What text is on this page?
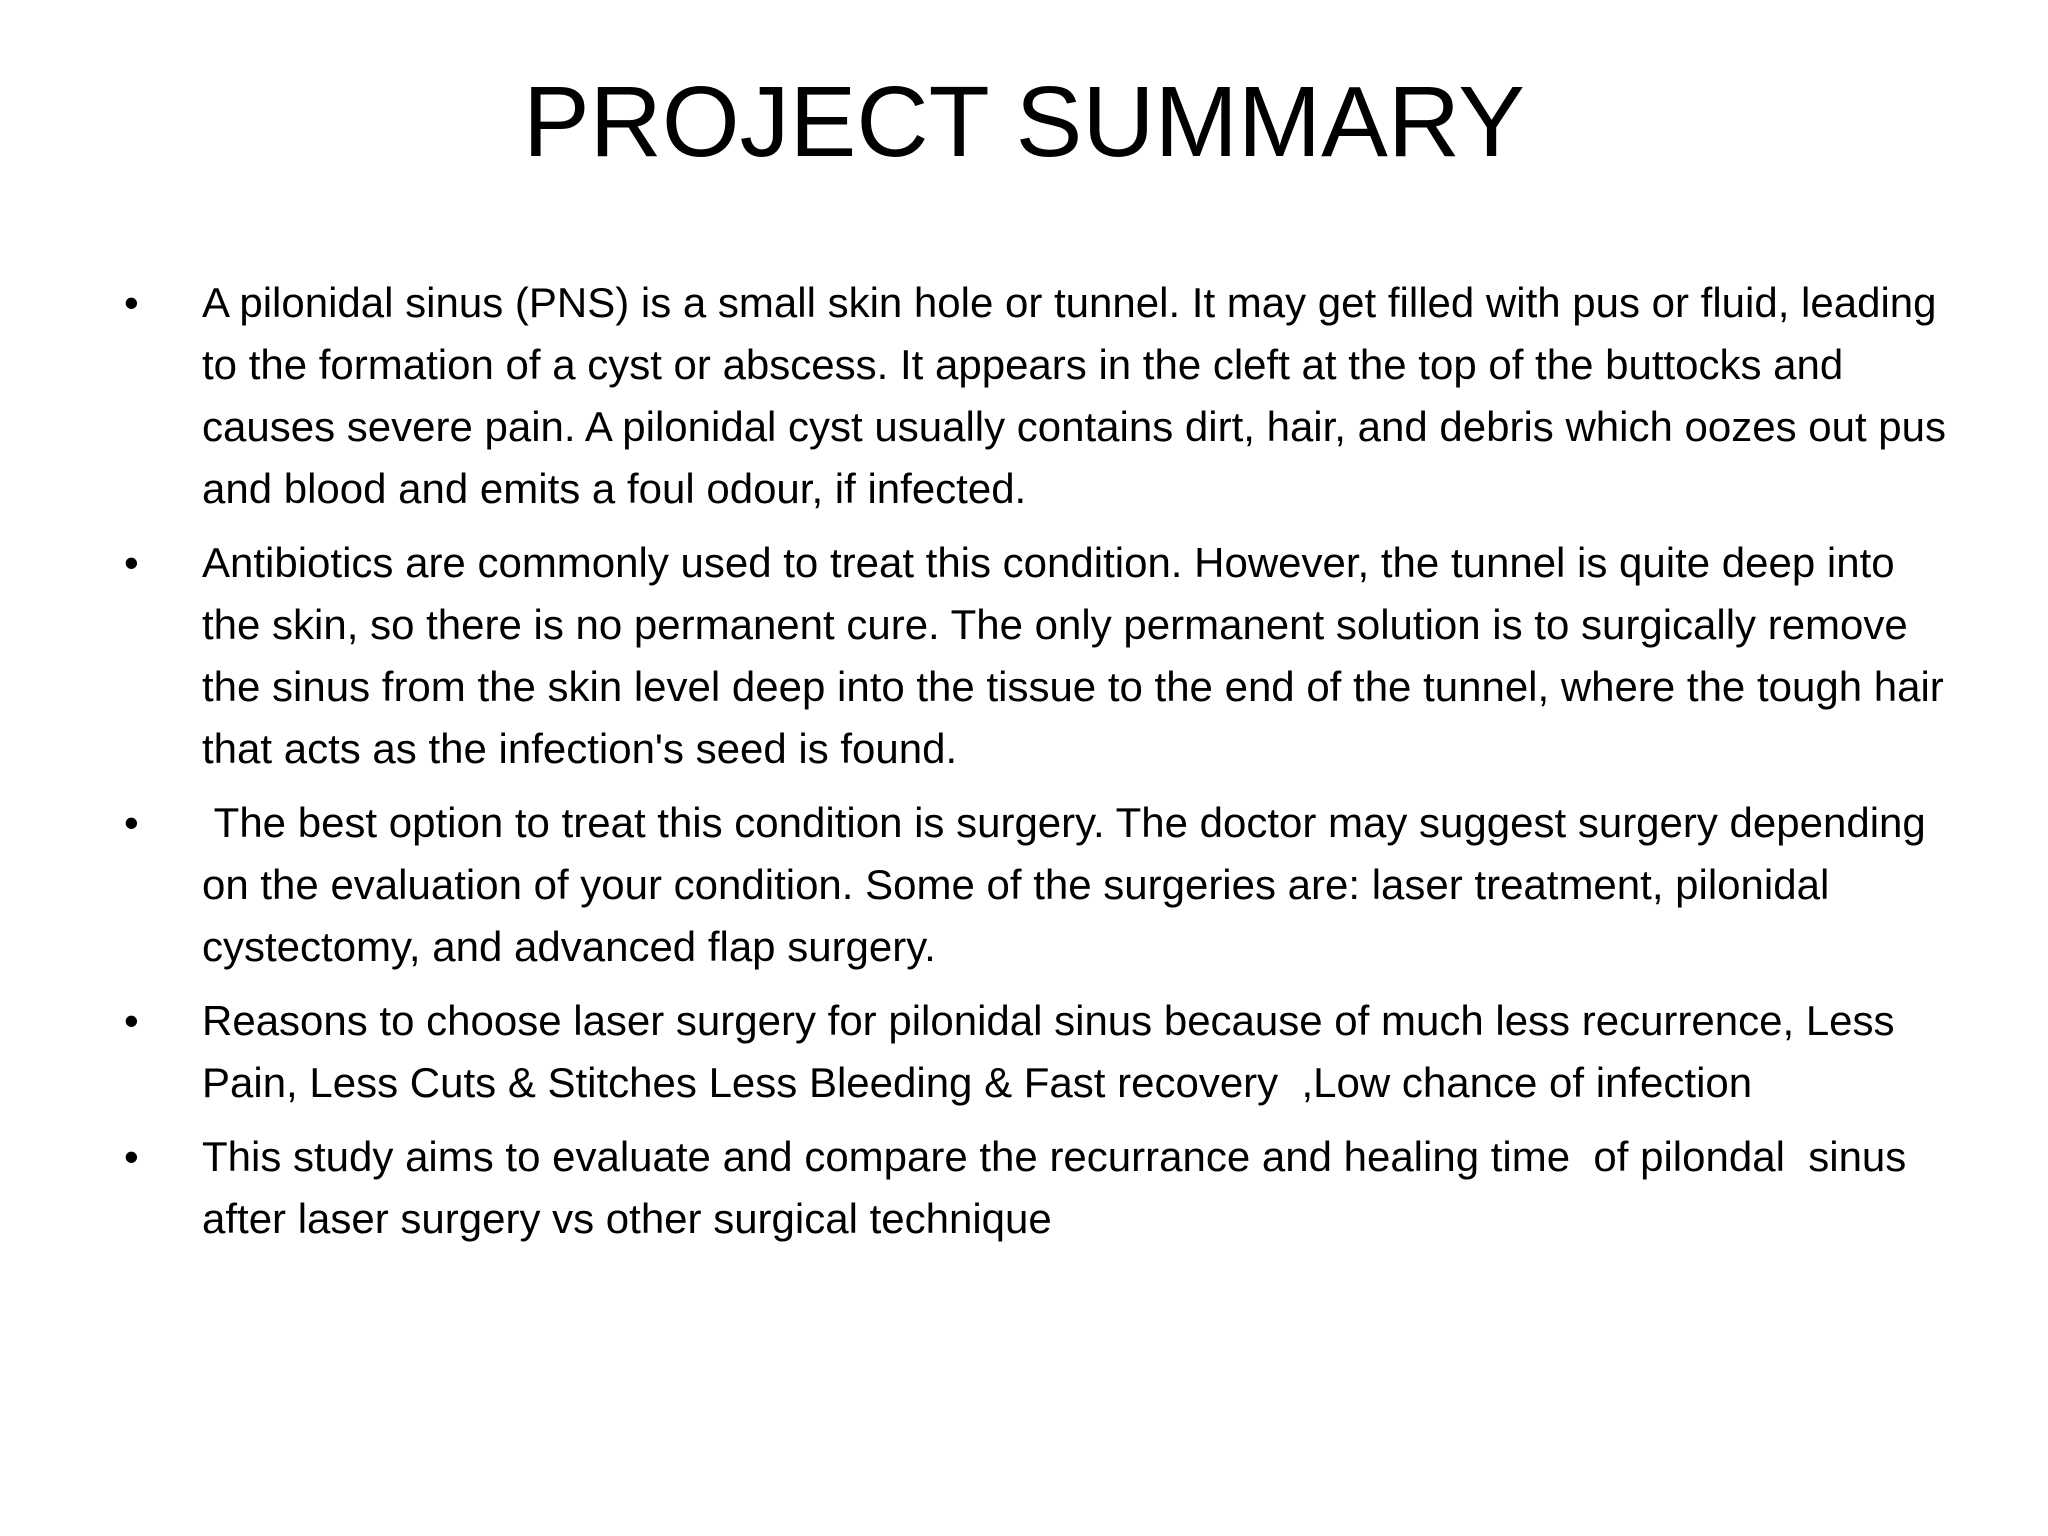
PROJECT SUMMARY
• A pilonidal sinus (PNS) is a small skin hole or tunnel. It may get filled with pus or fluid, leading to the formation of a cyst or abscess. It appears in the cleft at the top of the buttocks and causes severe pain. A pilonidal cyst usually contains dirt, hair, and debris which oozes out pus and blood and emits a foul odour, if infected.
• Antibiotics are commonly used to treat this condition. However, the tunnel is quite deep into the skin, so there is no permanent cure. The only permanent solution is to surgically remove the sinus from the skin level deep into the tissue to the end of the tunnel, where the tough hair that acts as the infection's seed is found.
• The best option to treat this condition is surgery. The doctor may suggest surgery depending on the evaluation of your condition. Some of the surgeries are: laser treatment, pilonidal cystectomy, and advanced flap surgery.
• Reasons to choose laser surgery for pilonidal sinus because of much less recurrence, Less Pain, Less Cuts & Stitches Less Bleeding & Fast recovery  ,Low chance of infection
• This study aims to evaluate and compare the recurrance and healing time  of pilondal  sinus after laser surgery vs other surgical technique
